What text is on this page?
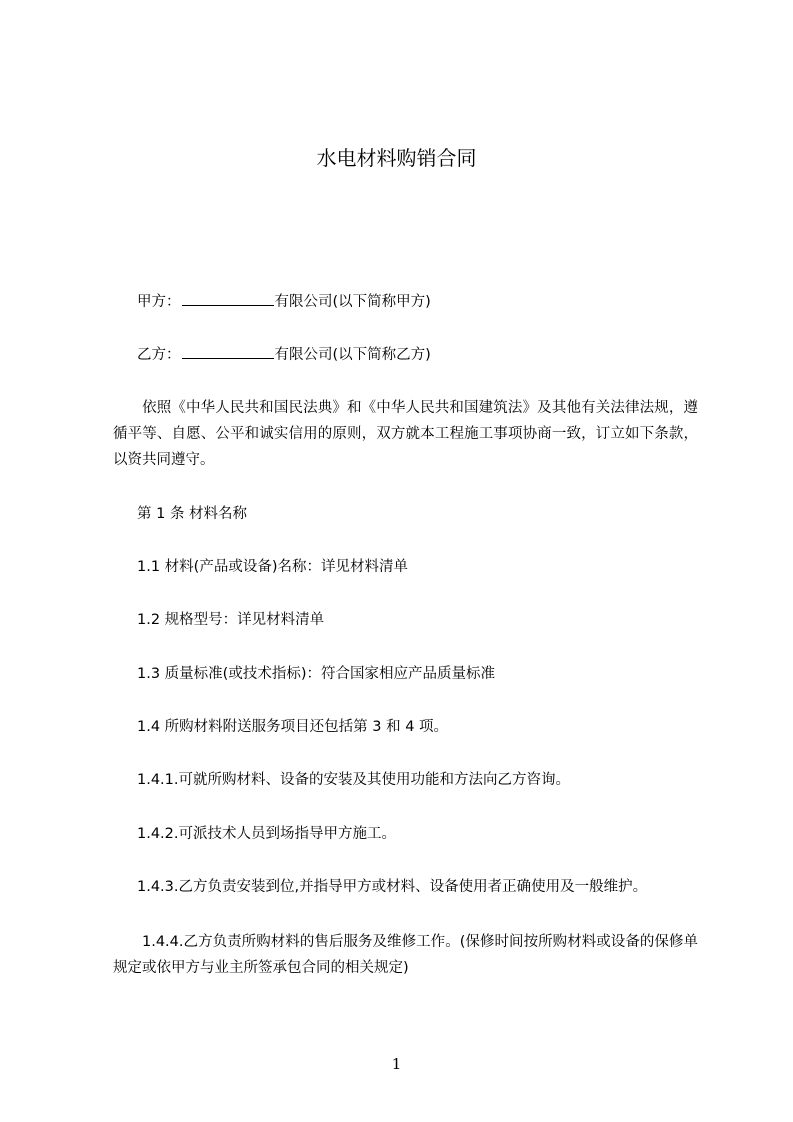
水电材料购销合同
甲方：	有限公司(以下简称甲方)
乙方：	有限公司(以下简称乙方)
依照《中华人民共和国民法典》和《中华人民共和国建筑法》及其他有关法律法规，遵循平等、自愿、公平和诚实信用的原则，双方就本工程施工事项协商一致，订立如下条款，以资共同遵守。
第 1 条 材料名称
1.1 材料(产品或设备)名称：详见材料清单
1.2 规格型号：详见材料清单
1.3 质量标准(或技术指标)：符合国家相应产品质量标准
1.4 所购材料附送服务项目还包括第 3 和 4 项。
1.4.1.可就所购材料、设备的安装及其使用功能和方法向乙方咨询。
1.4.2.可派技术人员到场指导甲方施工。
1.4.3.乙方负责安装到位,并指导甲方或材料、设备使用者正确使用及一般维护。
1.4.4.乙方负责所购材料的售后服务及维修工作。(保修时间按所购材料或设备的保修单规定或依甲方与业主所签承包合同的相关规定)
1
